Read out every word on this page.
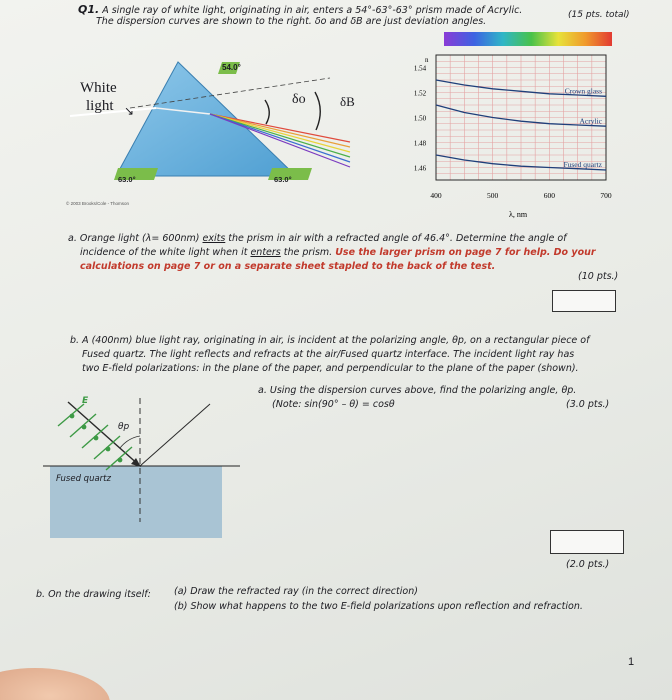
Q1. A single ray of white light, originating in air, enters a 54°-63°-63° prism made of Acrylic.
The dispersion curves are shown to the right. δo and δB are just deviation angles.
(15 pts. total)
White
light ↘
54.0°
63.0°	63.0°
δo	δB
© 2003 Brooks/Cole - Thomson
1.54
1.52
1.50
1.48
1.46
400	500	600	700
Crown glass
Acrylic
Fused quartz
λ, nm
n
a. Orange light (λ= 600nm) exits the prism in air with a refracted angle of 46.4°. Determine the angle of
incidence of the white light when it enters the prism. Use the larger prism on page 7 for help. Do your
calculations on page 7 or on a separate sheet stapled to the back of the test.
(10 pts.)
b. A (400nm) blue light ray, originating in air, is incident at the polarizing angle, θp, on a rectangular piece of
Fused quartz. The light reflects and refracts at the air/Fused quartz interface. The incident light ray has
two E-field polarizations: in the plane of the paper, and perpendicular to the plane of the paper (shown).
a. Using the dispersion curves above, find the polarizing angle, θp.
(Note: sin(90° – θ) = cosθ	(3.0 pts.)
E
θp
Fused quartz
(2.0 pts.)
b. On the drawing itself:	(a) Draw the refracted ray (in the correct direction)
(b) Show what happens to the two E-field polarizations upon reflection and refraction.
1
